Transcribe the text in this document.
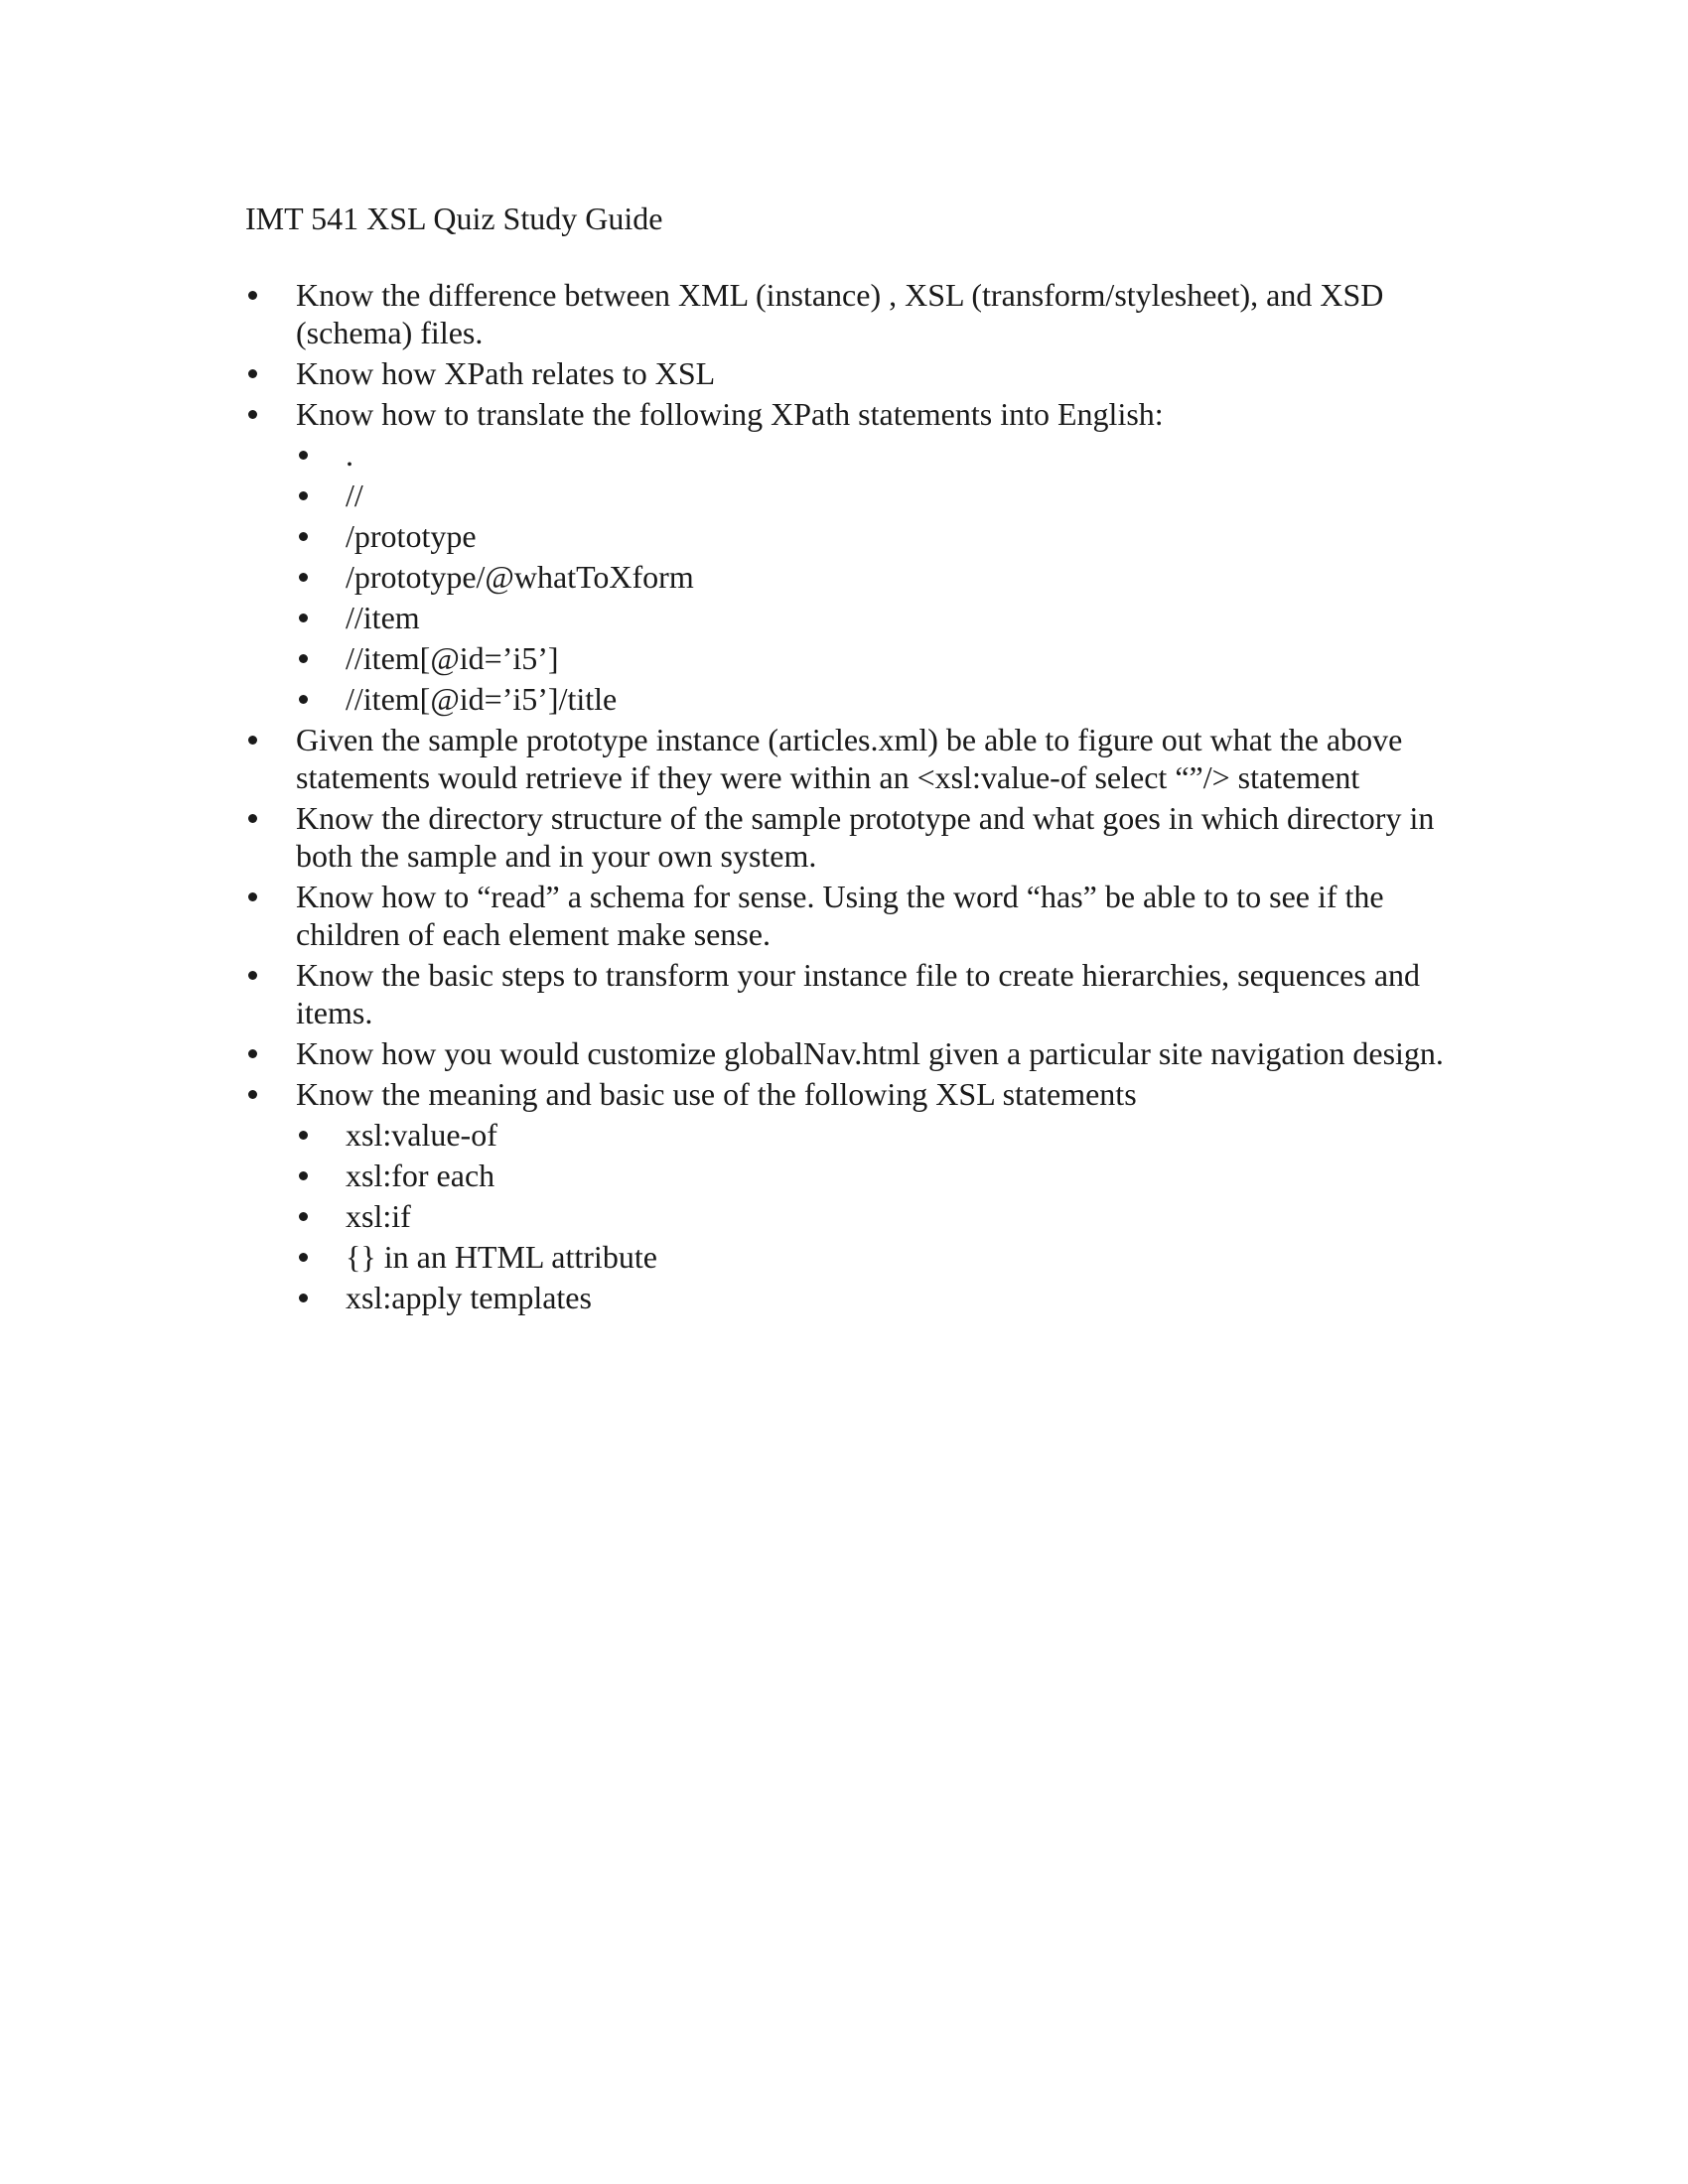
IMT 541 XSL Quiz Study Guide
Know the difference between XML (instance) , XSL (transform/stylesheet), and XSD (schema) files.
Know how XPath relates to XSL
Know how to translate the following XPath statements into English:
.
//
/prototype
/prototype/@whatToXform
//item
//item[@id=’i5’]
//item[@id=’i5’]/title
Given the sample prototype instance (articles.xml) be able to figure out what the above statements would retrieve if they were within an <xsl:value-of select “”/> statement
Know the directory structure of the sample prototype and what goes in which directory in both the sample and in your own system.
Know how to “read” a schema for sense. Using the word “has” be able to to see if the children of each element make sense.
Know the basic steps to transform your instance file to create hierarchies, sequences and items.
Know how you would customize globalNav.html given a particular site navigation design.
Know the meaning and basic use of the following XSL statements
xsl:value-of
xsl:for each
xsl:if
{} in an HTML attribute
xsl:apply templates
